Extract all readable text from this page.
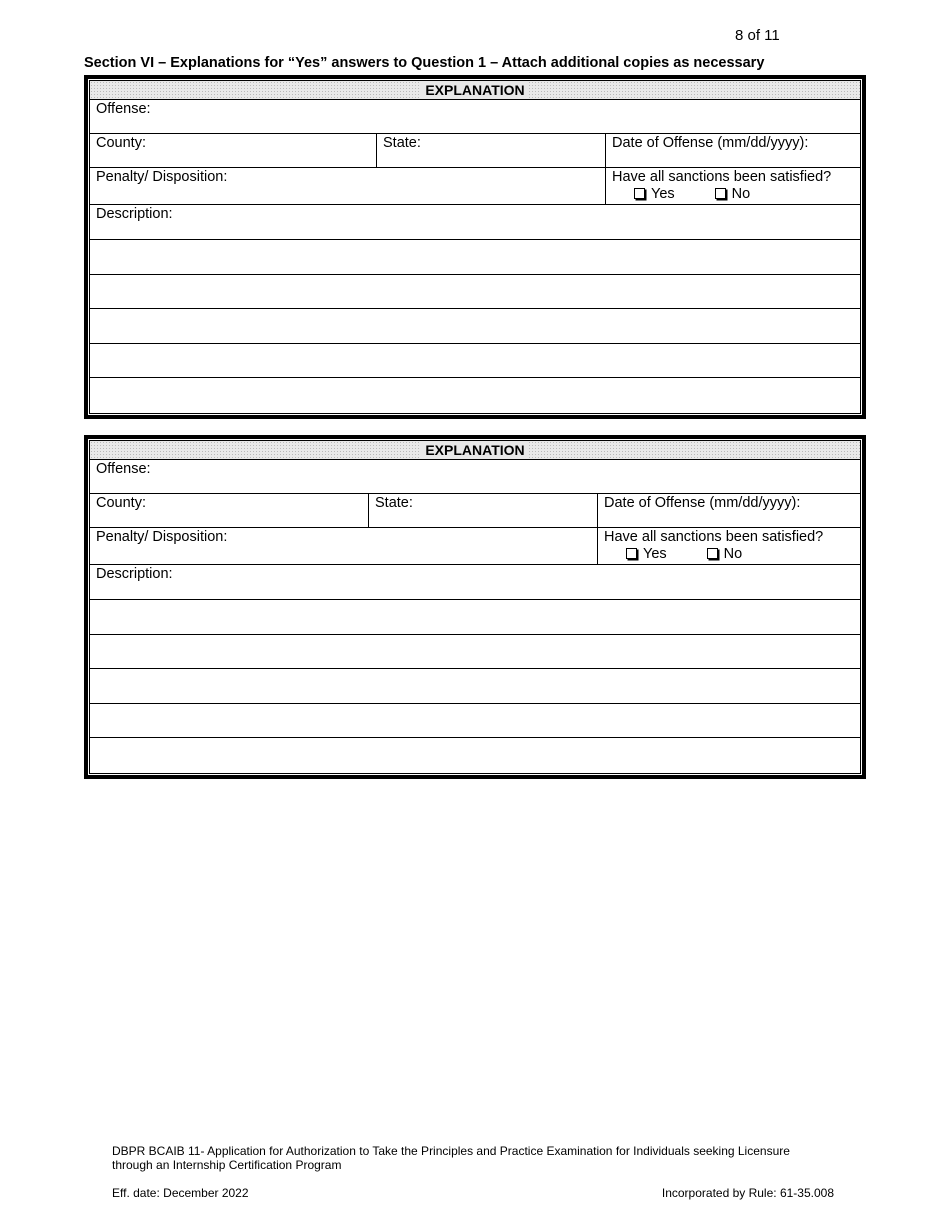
8 of 11
Section VI – Explanations for “Yes” answers to Question 1 – Attach additional copies as necessary
EXPLANATION
Offense:
County:	State:	Date of Offense (mm/dd/yyyy):
Penalty/ Disposition:	Have all sanctions been satisfied?
Yes	No
Description:
EXPLANATION
Offense:
County:	State:	Date of Offense (mm/dd/yyyy):
Penalty/ Disposition:	Have all sanctions been satisfied?
Yes	No
Description:
DBPR BCAIB 11- Application for Authorization to Take the Principles and Practice Examination for Individuals seeking Licensure
through an Internship Certification Program
Eff. date: December 2022	Incorporated by Rule: 61-35.008
